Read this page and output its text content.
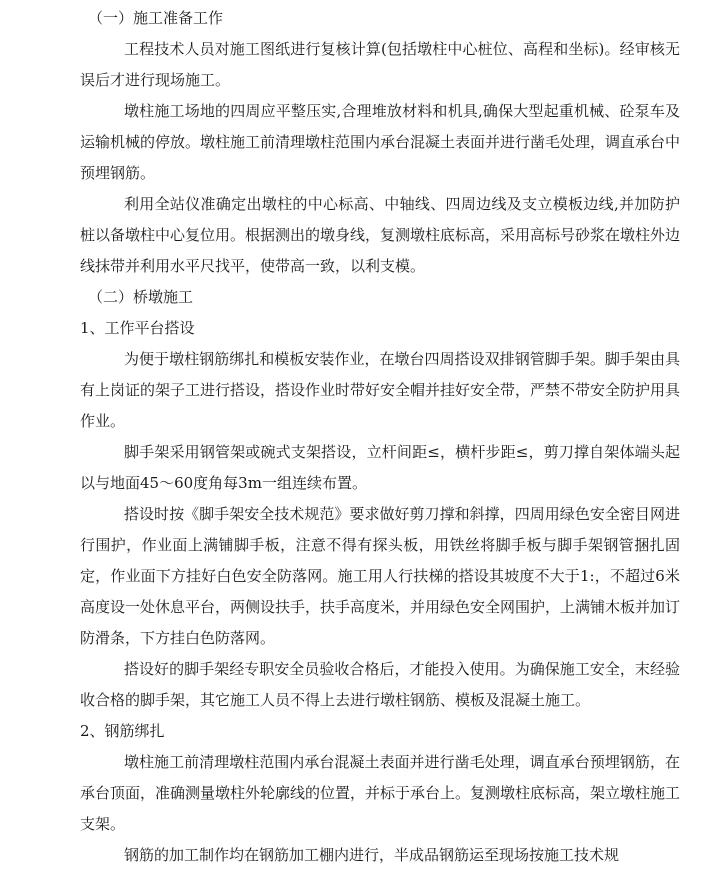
（一）施工准备工作

工程技术人员对施工图纸进行复核计算(包括墩柱中心桩位、高程和坐标)。经审核无误后才进行现场施工。

墩柱施工场地的四周应平整压实,合理堆放材料和机具,确保大型起重机械、砼泵车及运输机械的停放。墩柱施工前清理墩柱范围内承台混凝土表面并进行凿毛处理，调直承台中预埋钢筋。

利用全站仪准确定出墩柱的中心标高、中轴线、四周边线及支立模板边线,并加防护桩以备墩柱中心复位用。根据测出的墩身线，复测墩柱底标高，采用高标号砂浆在墩柱外边线抹带并利用水平尺找平，使带高一致，以利支模。

（二）桥墩施工

1、工作平台搭设

为便于墩柱钢筋绑扎和模板安装作业，在墩台四周搭设双排钢管脚手架。脚手架由具有上岗证的架子工进行搭设，搭设作业时带好安全帽并挂好安全带，严禁不带安全防护用具作业。

脚手架采用钢管架或碗式支架搭设，立杆间距≤，横杆步距≤，剪刀撑自架体端头起以与地面45～60度角每3m一组连续布置。

搭设时按《脚手架安全技术规范》要求做好剪刀撑和斜撑，四周用绿色安全密目网进行围护，作业面上满铺脚手板，注意不得有探头板，用铁丝将脚手板与脚手架钢管捆扎固定，作业面下方挂好白色安全防落网。施工用人行扶梯的搭设其坡度不大于1:，不超过6米高度设一处休息平台，两侧设扶手，扶手高度米，并用绿色安全网围护，上满铺木板并加订防滑条，下方挂白色防落网。

搭设好的脚手架经专职安全员验收合格后，才能投入使用。为确保施工安全，末经验收合格的脚手架，其它施工人员不得上去进行墩柱钢筋、模板及混凝土施工。

2、钢筋绑扎

墩柱施工前清理墩柱范围内承台混凝土表面并进行凿毛处理，调直承台预埋钢筋，在承台顶面，准确测量墩柱外轮廓线的位置，并标于承台上。复测墩柱底标高，架立墩柱施工支架。

钢筋的加工制作均在钢筋加工棚内进行，半成品钢筋运至现场按施工技术规
